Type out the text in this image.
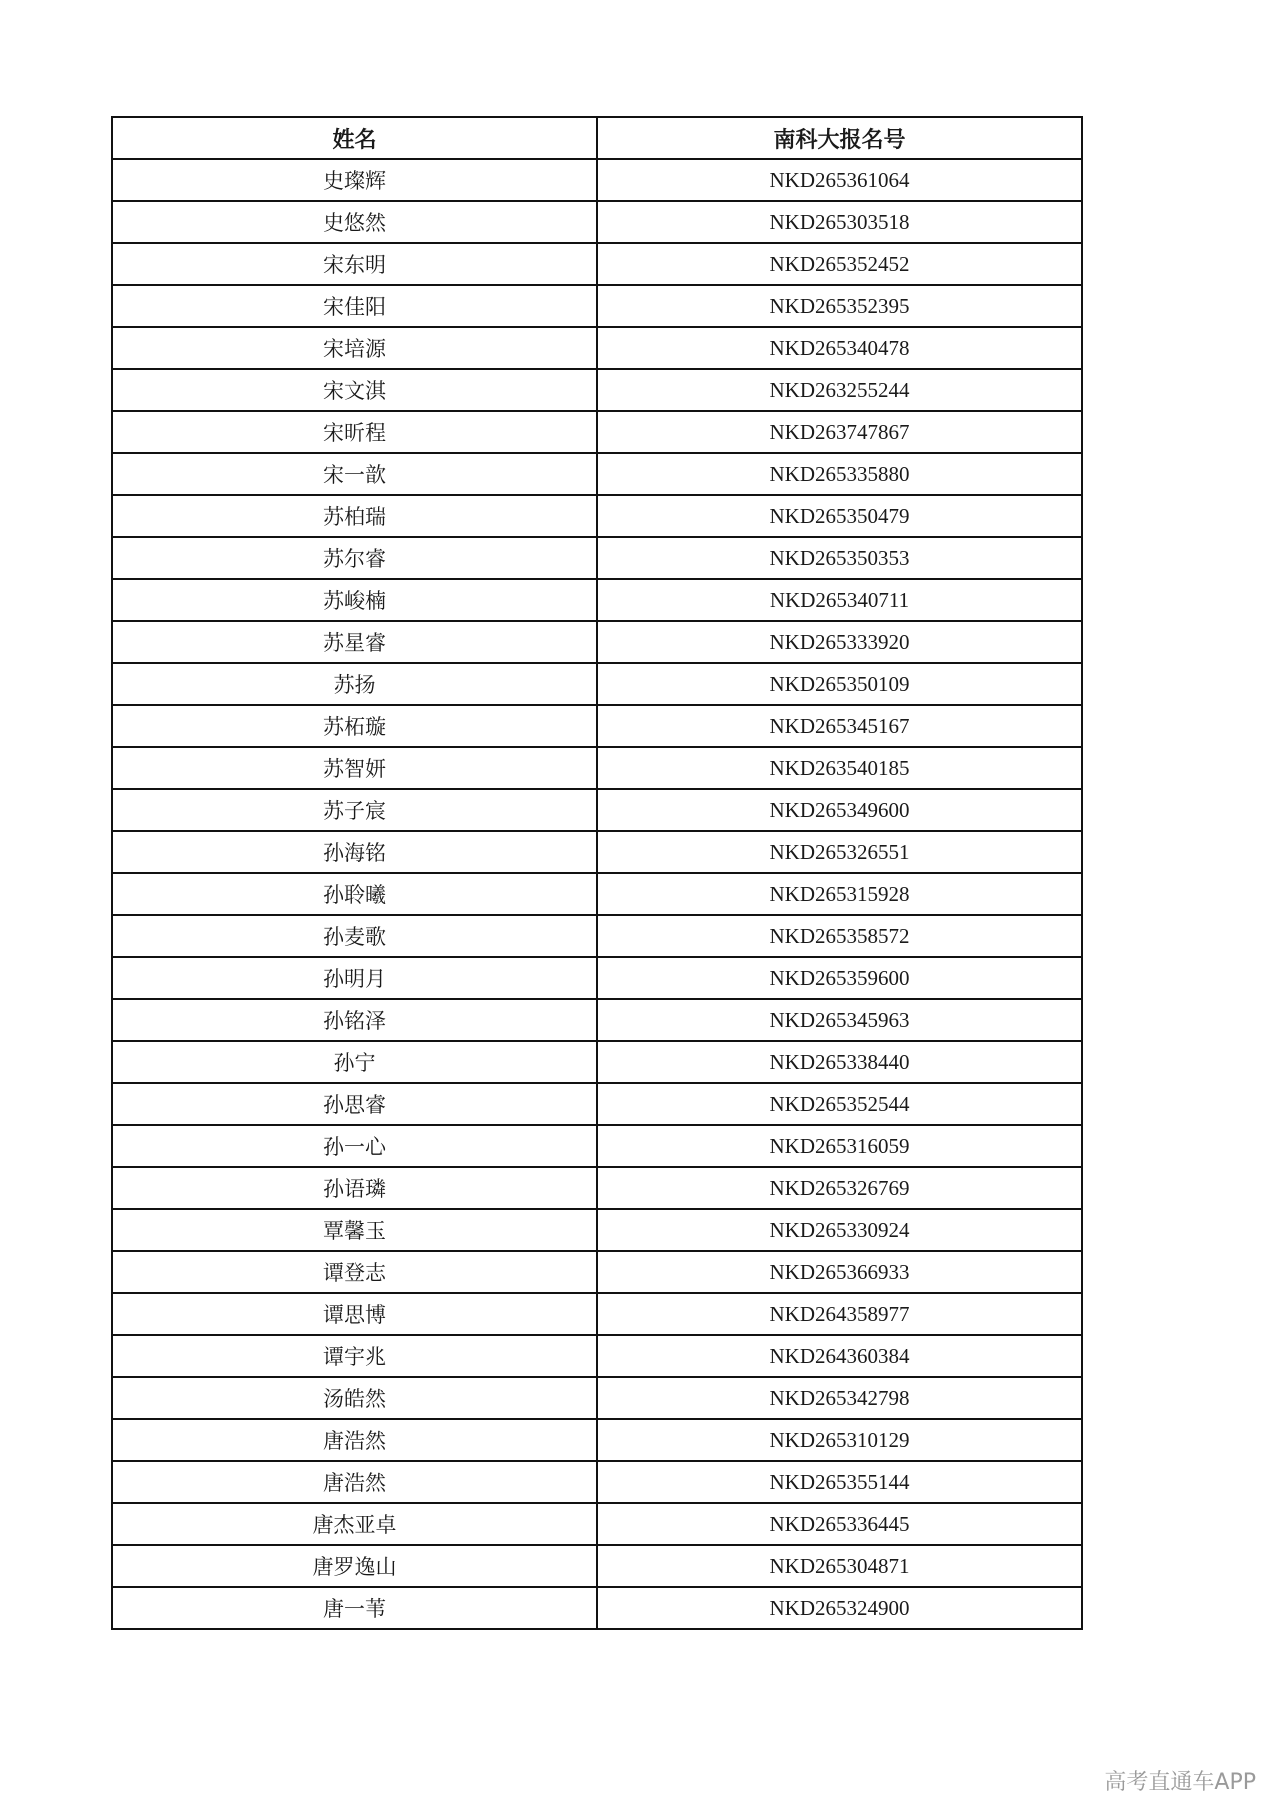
姓名	南科大报名号
史璨辉	NKD265361064
史悠然	NKD265303518
宋东明	NKD265352452
宋佳阳	NKD265352395
宋培源	NKD265340478
宋文淇	NKD263255244
宋昕程	NKD263747867
宋一歆	NKD265335880
苏柏瑞	NKD265350479
苏尔睿	NKD265350353
苏峻楠	NKD265340711
苏星睿	NKD265333920
苏扬	NKD265350109
苏柘璇	NKD265345167
苏智妍	NKD263540185
苏子宸	NKD265349600
孙海铭	NKD265326551
孙聆曦	NKD265315928
孙麦歌	NKD265358572
孙明月	NKD265359600
孙铭泽	NKD265345963
孙宁	NKD265338440
孙思睿	NKD265352544
孙一心	NKD265316059
孙语璘	NKD265326769
覃馨玉	NKD265330924
谭登志	NKD265366933
谭思博	NKD264358977
谭宇兆	NKD264360384
汤皓然	NKD265342798
唐浩然	NKD265310129
唐浩然	NKD265355144
唐杰亚卓	NKD265336445
唐罗逸山	NKD265304871
唐一苇	NKD265324900
高考直通车APP
